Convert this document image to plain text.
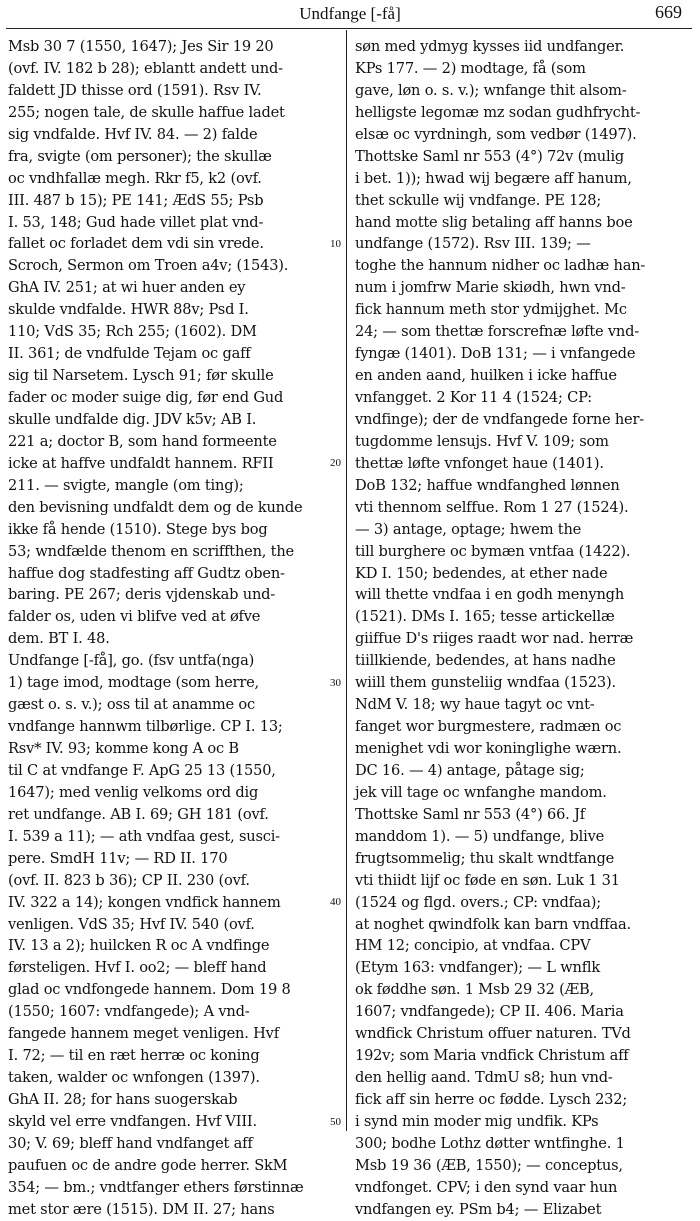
Undfange [-få]	669
Msb 30 7 (1550, 1647); Jes Sir 19 20
(ovf. IV. 182 b 28); eblantt andett und-
faldett JD thisse ord (1591). Rsv IV.
255; nogen tale, de skulle haffue ladet
sig vndfalde. Hvf IV. 84. — 2) falde
fra, svigte (om personer); the skullæ
oc vndhfallæ megh. Rkr f5, k2 (ovf.
III. 487 b 15); PE 141; ÆdS 55; Psb
I. 53, 148; Gud hade villet plat vnd-
fallet oc forladet dem vdi sin vrede.
Scroch, Sermon om Troen a4v; (1543).
GhA IV. 251; at wi huer anden ey
skulde vndfalde. HWR 88v; Psd I.
110; VdS 35; Rch 255; (1602). DM
II. 361; de vndfulde Tejam oc gaff
sig til Narsetem. Lysch 91; før skulle
fader oc moder suige dig, før end Gud
skulle undfalde dig. JDV k5v; AB I.
221 a; doctor B, som hand formeente
icke at haffve undfaldt hannem. RFII
211. — svigte, mangle (om ting);
den bevisning undfaldt dem og de kunde
ikke få hende (1510). Stege bys bog
53; wndfælde thenom en scriffthen, the
haffue dog stadfesting aff Gudtz oben-
baring. PE 267; deris vjdenskab und-
falder os, uden vi blifve ved at øfve
dem. BT I. 48.
Undfange [-få], go. (fsv untfa(nga)
1) tage imod, modtage (som herre,
gæst o. s. v.); oss til at anamme oc
vndfange hannwm tilbørlige. CP I. 13;
Rsv* IV. 93; komme kong A oc B
til C at vndfange F. ApG 25 13 (1550,
1647); med venlig velkoms ord dig
ret undfange. AB I. 69; GH 181 (ovf.
I. 539 a 11); — ath vndfaa gest, susci-
pere. SmdH 11v; — RD II. 170
(ovf. II. 823 b 36); CP II. 230 (ovf.
IV. 322 a 14); kongen vndfick hannem
venligen. VdS 35; Hvf IV. 540 (ovf.
IV. 13 a 2); huilcken R oc A vndfinge
førsteligen. Hvf I. oo2; — bleff hand
glad oc vndfongede hannem. Dom 19 8
(1550; 1607: vndfangede); A vnd-
fangede hannem meget venligen. Hvf
I. 72; — til en ræt herræ oc koning
taken, walder oc wnfongen (1397).
GhA II. 28; for hans suogerskab
skyld vel erre vndfangen. Hvf VIII.
30; V. 69; bleff hand vndfanget aff
paufuen oc de andre gode herrer. SkM
354; — bm.; vndtfanger ethers førstinnæ
met stor ære (1515). DM II. 27; hans
søn med ydmyg kysses iid undfanger.
KPs 177. — 2) modtage, få (som
gave, løn o. s. v.); wnfange thit alsom-
helligste legomæ mz sodan gudhfrycht-
elsæ oc vyrdningh, som vedbør (1497).
Thottske Saml nr 553 (4°) 72v (mulig
i bet. 1)); hwad wij begære aff hanum,
thet sckulle wij vndfange. PE 128;
hand motte slig betaling aff hanns boe
undfange (1572). Rsv III. 139; —
toghe the hannum nidher oc ladhæ han-
num i jomfrw Marie skiødh, hwn vnd-
fick hannum meth stor ydmijghet. Mc
24; — som thettæ forscrefnæ løfte vnd-
fyngæ (1401). DoB 131; — i vnfangede
en anden aand, huilken i icke haffue
vnfangget. 2 Kor 11 4 (1524; CP:
vndfinge); der de vndfangede forne her-
tugdomme lensujs. Hvf V. 109; som
thettæ løfte vnfonget haue (1401).
DoB 132; haffue wndfanghed lønnen
vti thennom selffue. Rom 1 27 (1524).
— 3) antage, optage; hwem the
till burghere oc bymæn vntfaa (1422).
KD I. 150; bedendes, at ether nade
will thette vndfaa i en godh menyngh
(1521). DMs I. 165; tesse artickellæ
giiffue D's riiges raadt wor nad. herræ
tiillkiende, bedendes, at hans nadhe
wiill them gunsteliig wndfaa (1523).
NdM V. 18; wy haue tagyt oc vnt-
fanget wor burgmestere, radmæn oc
menighet vdi wor koninglighe wærn.
DC 16. — 4) antage, påtage sig;
jek vill tage oc wnfanghe mandom.
Thottske Saml nr 553 (4°) 66. Jf
manddom 1). — 5) undfange, blive
frugtsommelig; thu skalt wndtfange
vti thiidt lijf oc føde en søn. Luk 1 31
(1524 og flgd. overs.; CP: vndfaa);
at noghet qwindfolk kan barn vndffaa.
HM 12; concipio, at vndfaa. CPV
(Etym 163: vndfanger); — L wnflk
ok føddhe søn. 1 Msb 29 32 (ÆB,
1607; vndfangede); CP II. 406. Maria
wndfick Christum offuer naturen. TVd
192v; som Maria vndfick Christum aff
den hellig aand. TdmU s8; hun vnd-
fick aff sin herre oc fødde. Lysch 232;
i synd min moder mig undfik. KPs
300; bodhe Lothz døtter wntfinghe. 1
Msb 19 36 (ÆB, 1550); — conceptus,
vndfonget. CPV; i den synd vaar hun
vndfangen ey. PSm b4; — Elizabet
10
20
30
40
50
